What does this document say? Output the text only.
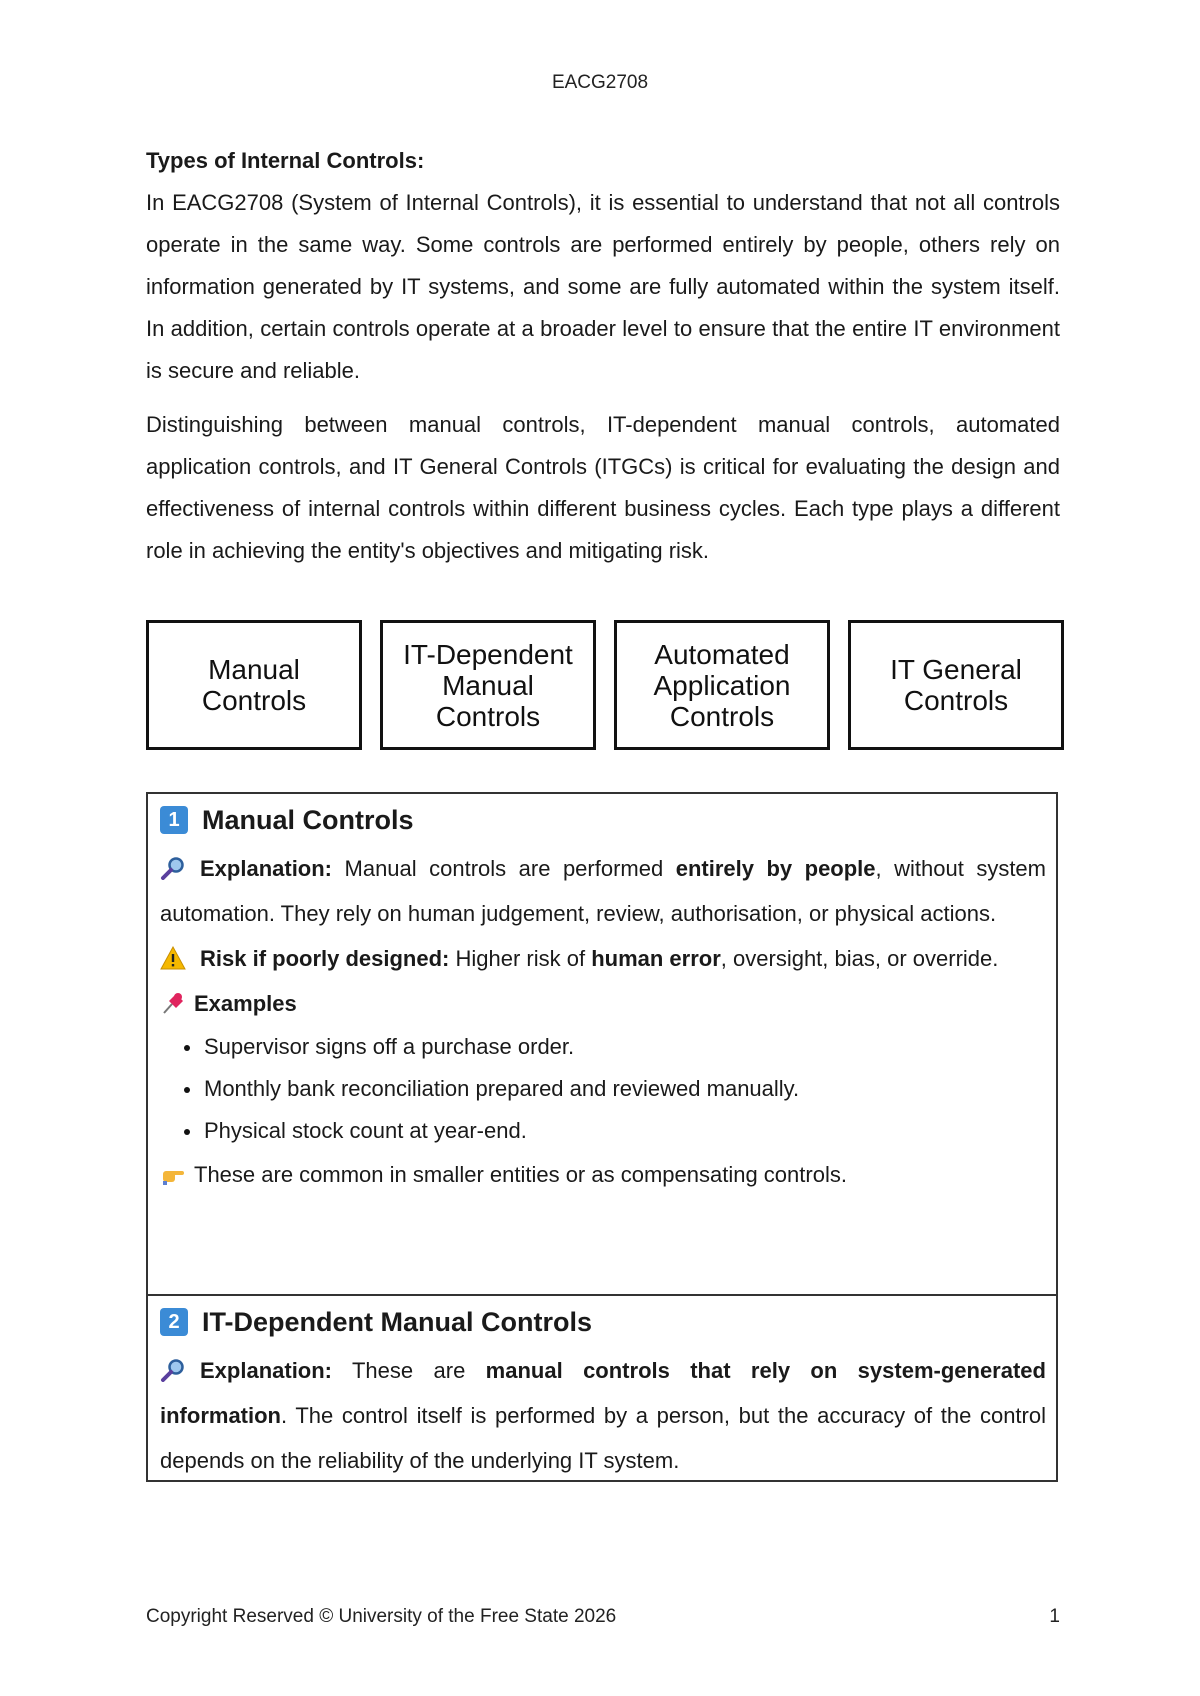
EACG2708
Types of Internal Controls:

In EACG2708 (System of Internal Controls), it is essential to understand that not all controls operate in the same way. Some controls are performed entirely by people, others rely on information generated by IT systems, and some are fully automated within the system itself. In addition, certain controls operate at a broader level to ensure that the entire IT environment is secure and reliable.

Distinguishing between manual controls, IT-dependent manual controls, automated application controls, and IT General Controls (ITGCs) is critical for evaluating the design and effectiveness of internal controls within different business cycles. Each type plays a different role in achieving the entity's objectives and mitigating risk.

Manual
Controls
IT-Dependent
Manual
Controls
Automated
Application
Controls
IT General
Controls
1 Manual Controls

Explanation: Manual controls are performed entirely by people, without system automation. They rely on human judgement, review, authorisation, or physical actions.

Risk if poorly designed: Higher risk of human error, oversight, bias, or override.

Examples

Supervisor signs off a purchase order.
Monthly bank reconciliation prepared and reviewed manually.
Physical stock count at year-end.

These are common in smaller entities or as compensating controls.

2 IT-Dependent Manual Controls

Explanation: These are manual controls that rely on system-generated information. The control itself is performed by a person, but the accuracy of the control depends on the reliability of the underlying IT system.

Copyright Reserved © University of the Free State 2026	1
